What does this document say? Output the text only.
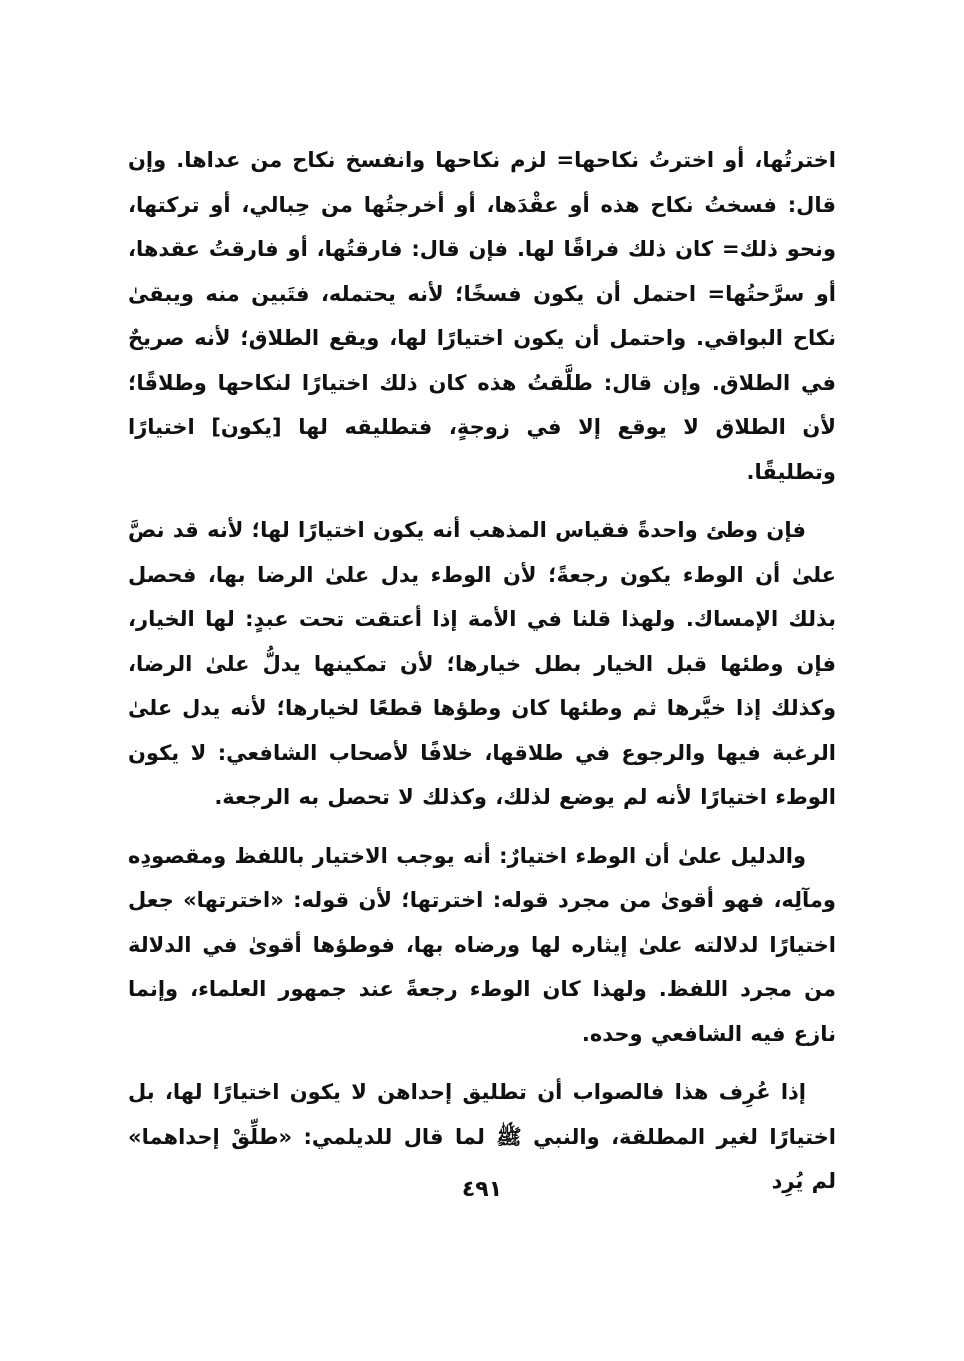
اخترتُها، أو اخترتُ نكاحها= لزم نكاحها وانفسخ نكاح من عداها. وإن قال: فسختُ نكاح هذه أو عقْدَها، أو أخرجتُها من حِبالي، أو تركتها، ونحو ذلك= كان ذلك فراقًا لها. فإن قال: فارقتُها، أو فارقتُ عقدها، أو سرَّحتُها= احتمل أن يكون فسخًا؛ لأنه يحتمله، فتَبين منه ويبقىٰ نكاح البواقي. واحتمل أن يكون اختيارًا لها، ويقع الطلاق؛ لأنه صريحٌ في الطلاق. وإن قال: طلَّقتُ هذه كان ذلك اختيارًا لنكاحها وطلاقًا؛ لأن الطلاق لا يوقع إلا في زوجةٍ، فتطليقه لها [يكون] اختيارًا وتطليقًا.

فإن وطئ واحدةً فقياس المذهب أنه يكون اختيارًا لها؛ لأنه قد نصَّ علىٰ أن الوطء يكون رجعةً؛ لأن الوطء يدل علىٰ الرضا بها، فحصل بذلك الإمساك. ولهذا قلنا في الأمة إذا أعتقت تحت عبدٍ: لها الخيار، فإن وطئها قبل الخيار بطل خيارها؛ لأن تمكينها يدلُّ علىٰ الرضا، وكذلك إذا خيَّرها ثم وطئها كان وطؤها قطعًا لخيارها؛ لأنه يدل علىٰ الرغبة فيها والرجوع في طلاقها، خلافًا لأصحاب الشافعي: لا يكون الوطء اختيارًا لأنه لم يوضع لذلك، وكذلك لا تحصل به الرجعة.

والدليل علىٰ أن الوطء اختيارٌ: أنه يوجب الاختيار باللفظ ومقصودِه ومآلِه، فهو أقوىٰ من مجرد قوله: اخترتها؛ لأن قوله: «اخترتها» جعل اختيارًا لدلالته علىٰ إيثاره لها ورضاه بها، فوطؤها أقوىٰ في الدلالة من مجرد اللفظ. ولهذا كان الوطء رجعةً عند جمهور العلماء، وإنما نازع فيه الشافعي وحده.

إذا عُرِف هذا فالصواب أن تطليق إحداهن لا يكون اختيارًا لها، بل اختيارًا لغير المطلقة، والنبي ﷺ لما قال للديلمي: «طلِّقْ إحداهما» لم يُرِد

٤٩١
